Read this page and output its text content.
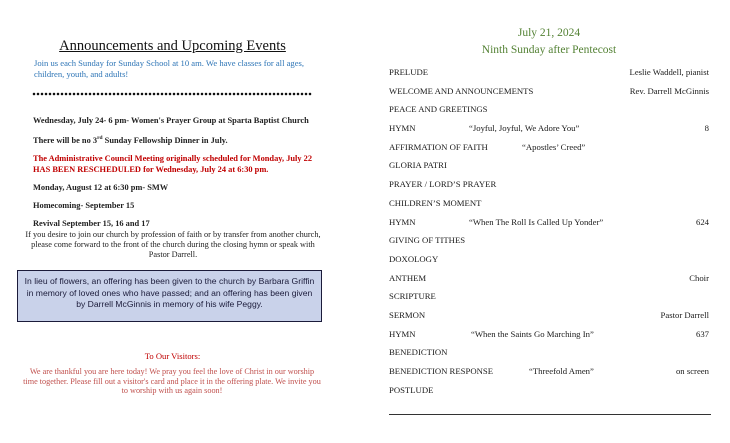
Announcements and Upcoming Events
Join us each Sunday for Sunday School at 10 am. We have classes for all ages, children, youth, and adults!
Wednesday, July 24- 6 pm- Women's Prayer Group at Sparta Baptist Church
There will be no 3rd Sunday Fellowship Dinner in July.
The Administrative Council Meeting originally scheduled for Monday, July 22 HAS BEEN RESCHEDULED for Wednesday, July 24 at 6:30 pm.
Monday, August 12 at 6:30 pm- SMW
Homecoming- September 15
Revival September 15, 16 and 17
If you desire to join our church by profession of faith or by transfer from another church, please come forward to the front of the church during the closing hymn or speak with Pastor Darrell.
In lieu of flowers, an offering has been given to the church by Barbara Griffin in memory of loved ones who have passed; and an offering has been given by Darrell McGinnis in memory of his wife Peggy.
To Our Visitors:
We are thankful you are here today! We pray you feel the love of Christ in our worship time together. Please fill out a visitor's card and place it in the offering plate. We invite you to worship with us again soon!
July 21, 2024
Ninth Sunday after Pentecost
PRELUDE	Leslie Waddell, pianist
WELCOME AND ANNOUNCEMENTS	Rev. Darrell McGinnis
PEACE AND GREETINGS
HYMN	“Joyful, Joyful, We Adore You”	8
AFFIRMATION OF FAITH	“Apostles’ Creed”
GLORIA PATRI
PRAYER / LORD’S PRAYER
CHILDREN’S MOMENT
HYMN	“When The Roll Is Called Up Yonder”	624
GIVING OF TITHES
DOXOLOGY
ANTHEM	Choir
SCRIPTURE
SERMON	Pastor Darrell
HYMN	“When the Saints Go Marching In”	637
BENEDICTION
BENEDICTION RESPONSE	“Threefold Amen”	on screen
POSTLUDE
